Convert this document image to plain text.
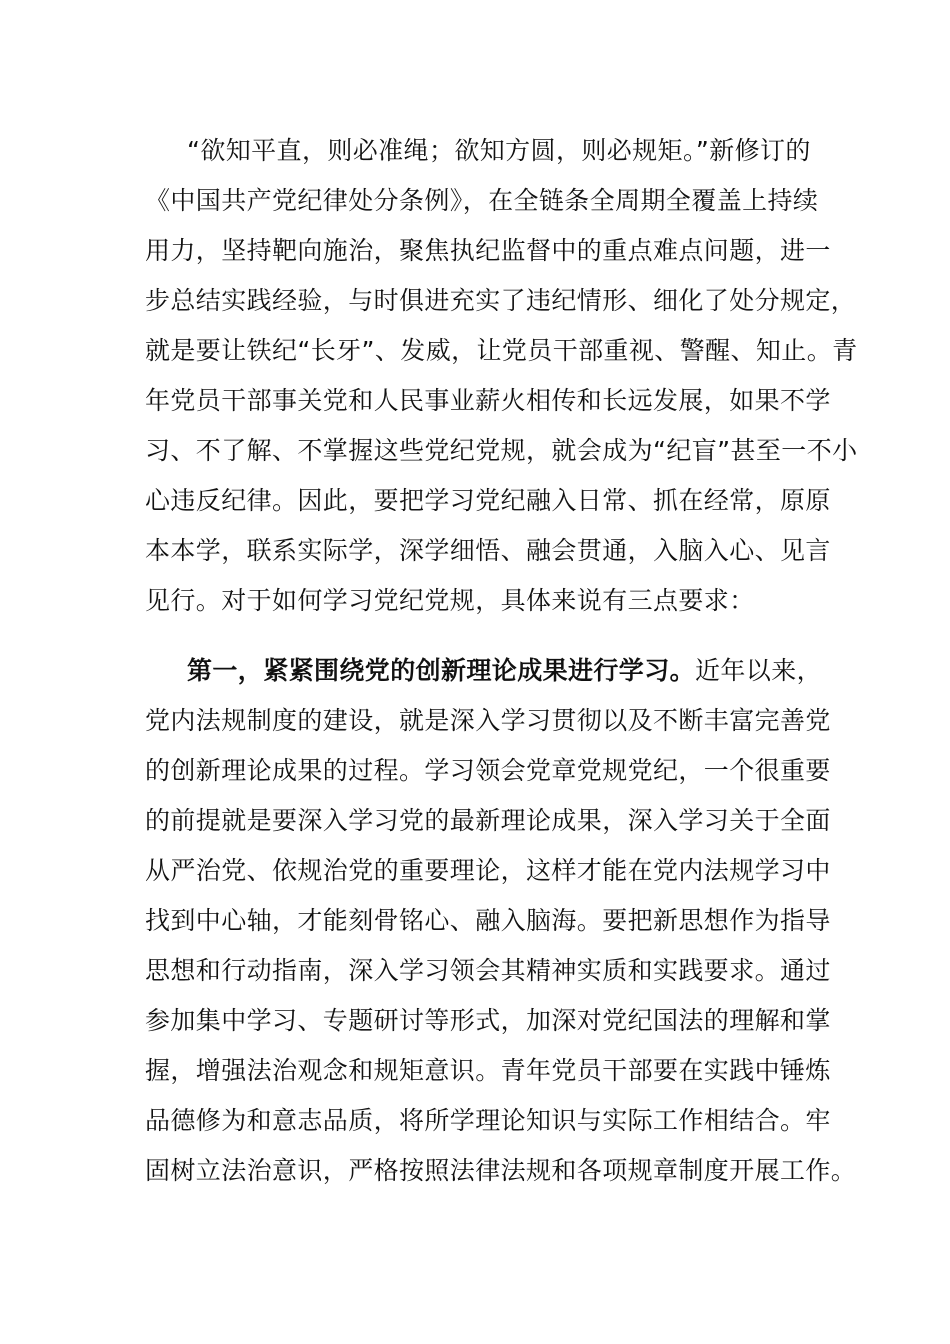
“欲知平直，则必准绳；欲知方圆，则必规矩。”新修订的
《中国共产党纪律处分条例》，在全链条全周期全覆盖上持续
用力，坚持靶向施治，聚焦执纪监督中的重点难点问题，进一
步总结实践经验，与时俱进充实了违纪情形、细化了处分规定，
就是要让铁纪“长牙”、发威，让党员干部重视、警醒、知止。青
年党员干部事关党和人民事业薪火相传和长远发展，如果不学
习、不了解、不掌握这些党纪党规，就会成为“纪盲”甚至一不小
心违反纪律。因此，要把学习党纪融入日常、抓在经常，原原
本本学，联系实际学，深学细悟、融会贯通，入脑入心、见言
见行。对于如何学习党纪党规，具体来说有三点要求：
第一，紧紧围绕党的创新理论成果进行学习。近年以来，
党内法规制度的建设，就是深入学习贯彻以及不断丰富完善党
的创新理论成果的过程。学习领会党章党规党纪，一个很重要
的前提就是要深入学习党的最新理论成果，深入学习关于全面
从严治党、依规治党的重要理论，这样才能在党内法规学习中
找到中心轴，才能刻骨铭心、融入脑海。要把新思想作为指导
思想和行动指南，深入学习领会其精神实质和实践要求。通过
参加集中学习、专题研讨等形式，加深对党纪国法的理解和掌
握，增强法治观念和规矩意识。青年党员干部要在实践中锤炼
品德修为和意志品质，将所学理论知识与实际工作相结合。牢
固树立法治意识，严格按照法律法规和各项规章制度开展工作。
